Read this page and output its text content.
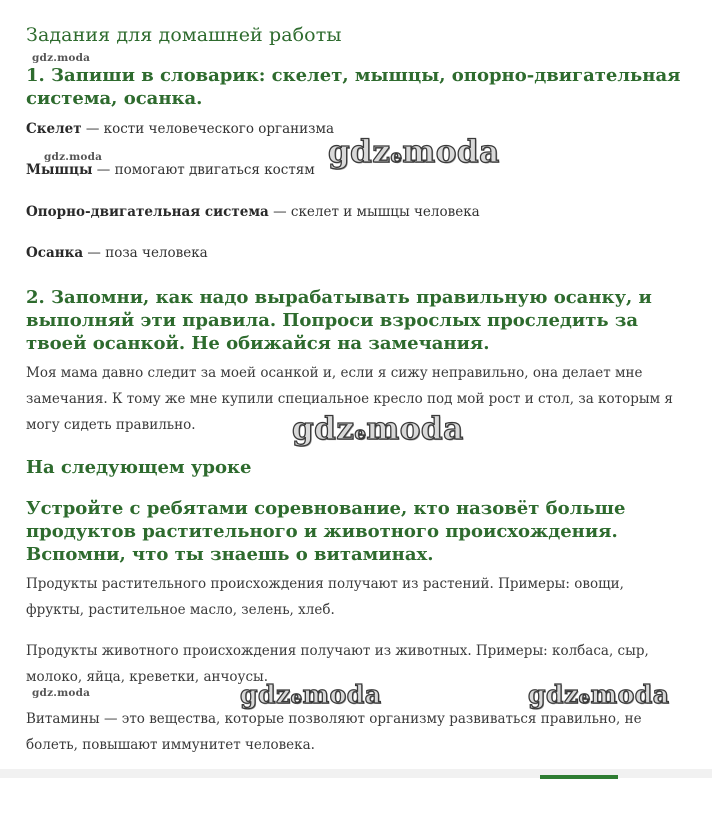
Задания для домашней работы
1. Запиши в словарик: скелет, мышцы, опорно-двигательная система, осанка.
Скелет — кости человеческого организма
Мышцы — помогают двигаться костям
Опорно-двигательная система — скелет и мышцы человека
Осанка — поза человека
2. Запомни, как надо вырабатывать правильную осанку, и выполняй эти правила. Попроси взрослых проследить за твоей осанкой. Не обижайся на замечания.

Моя мама давно следит за моей осанкой и, если я сижу неправильно, она делает мне замечания. К тому же мне купили специальное кресло под мой рост и стол, за которым я могу сидеть правильно.

На следующем уроке
Устройте с ребятами соревнование, кто назовёт больше продуктов растительного и животного происхождения. Вспомни, что ты знаешь о витаминах.

Продукты растительного происхождения получают из растений. Примеры: овощи, фрукты, растительное масло, зелень, хлеб.

Продукты животного происхождения получают из животных. Примеры: колбаса, сыр, молоко, яйца, креветки, анчоусы.

Витамины — это вещества, которые позволяют организму развиваться правильно, не болеть, повышают иммунитет человека.

gdz.moda
gdz.moda
gdz.moda
gdzemoda
gdzemoda
gdzemoda	gdzemoda
